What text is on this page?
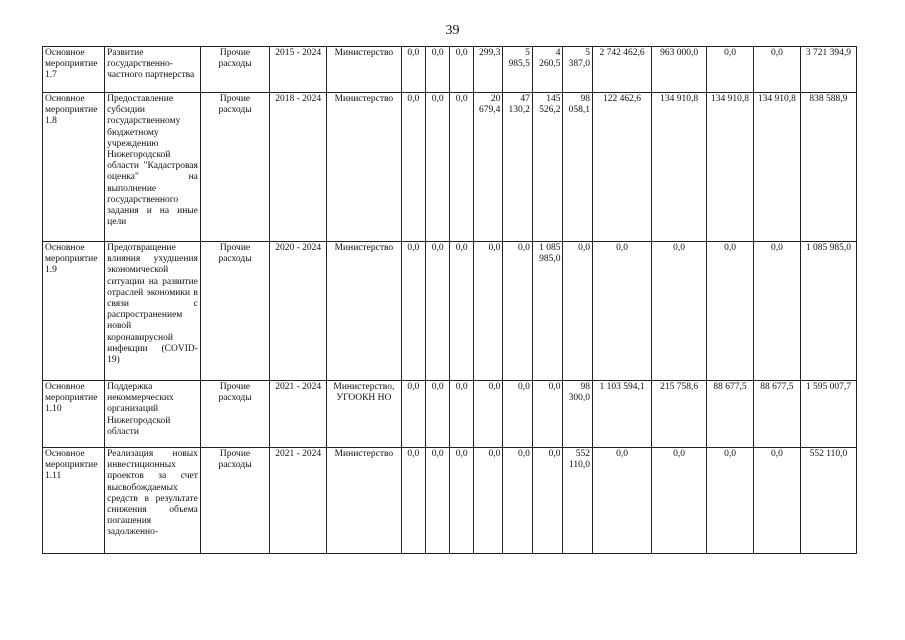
39
Основное мероприятие 1.7	Развитие государственно-частного партнерства	Прочие расходы	2015 - 2024	Министерство	0,0	0,0	0,0	299,3	5 985,5	4 260,5	5 387,0	2 742 462,6	963 000,0	0,0	0,0	3 721 394,9
Основное мероприятие 1.8	Предоставление субсидии государственному бюджетному учреждению Нижегородской области "Кадастровая оценка" на выполнение государственного задания и на иные цели	Прочие расходы	2018 - 2024	Министерство	0,0	0,0	0,0	20 679,4	47 130,2	145 526,2	98 058,1	122 462,6	134 910,8	134 910,8	134 910,8	838 588,9
Основное мероприятие 1.9	Предотвращение влияния ухудшения экономической ситуации на развитие отраслей экономики в связи с распространением новой коронавирусной инфекции (COVID-19)	Прочие расходы	2020 - 2024	Министерство	0,0	0,0	0,0	0,0	0,0	1 085 985,0	0,0	0,0	0,0	0,0	0,0	1 085 985,0
Основное мероприятие 1.10	Поддержка некоммерческих организаций Нижегородской области	Прочие расходы	2021 - 2024	Министерство, УГООКН НО	0,0	0,0	0,0	0,0	0,0	0,0	98 300,0	1 103 594,1	215 758,6	88 677,5	88 677,5	1 595 007,7
Основное мероприятие 1.11	Реализация новых инвестиционных проектов за счет высвобождаемых средств в результате снижения объема погашения задолженно-	Прочие расходы	2021 - 2024	Министерство	0,0	0,0	0,0	0,0	0,0	0,0	552 110,0	0,0	0,0	0,0	0,0	552 110,0
